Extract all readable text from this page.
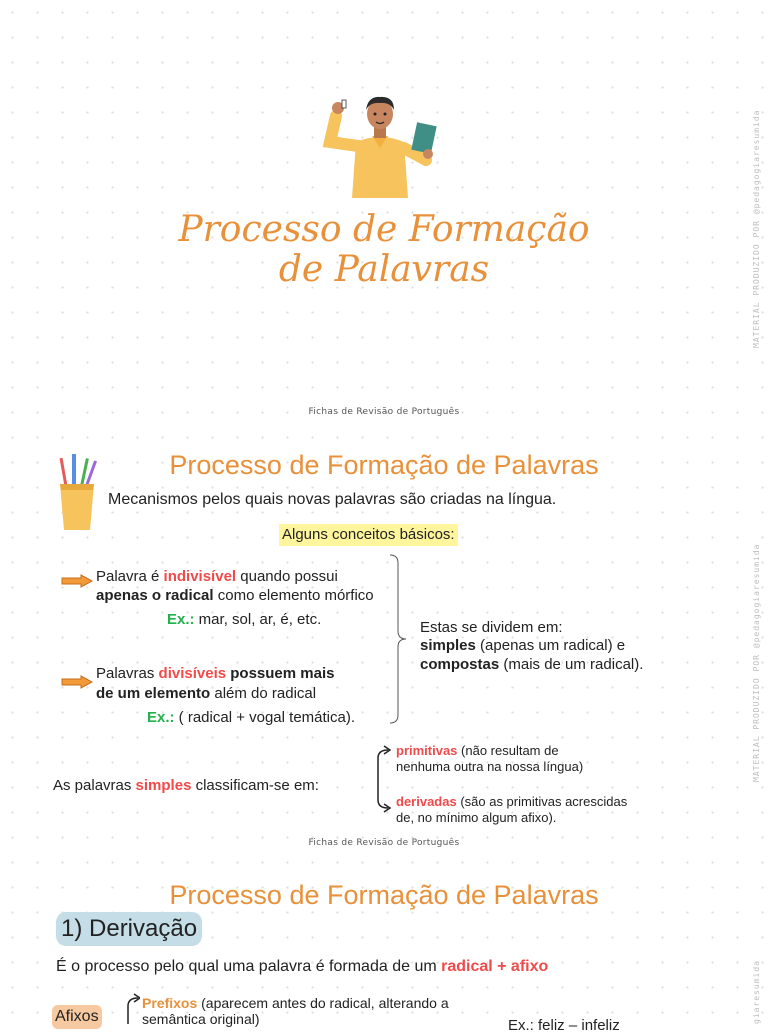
Processo de Formação
de Palavras	MATERIAL PRODUZIDO POR @pedagogiaresumida
Fichas de Revisão de Português
MATERIAL PRODUZIDO POR @pedagogiaresumida
Processo de Formação de Palavras
Mecanismos pelos quais novas palavras são criadas na língua.
Alguns conceitos básicos:
Palavra é indivisível quando possui
apenas o radical como elemento mórfico
Ex.: mar, sol, ar, é, etc.	Estas se dividem em:
simples (apenas um radical) e
compostas (mais de um radical).
Palavras divisíveis possuem mais
de um elemento além do radical
Ex.: ( radical + vogal temática).
As palavras simples classificam-se em:
primitivas (não resultam de
nenhuma outra na nossa língua)
derivadas (são as primitivas acrescidas
de, no mínimo algum afixo).
Fichas de Revisão de Português
Processo de Formação de Palavras
1) Derivação
É o processo pelo qual uma palavra é formada de um radical + afixo
Afixos
Prefixos (aparecem antes do radical, alterando a
semântica original)	Ex.: feliz – infeliz
giaresumida
